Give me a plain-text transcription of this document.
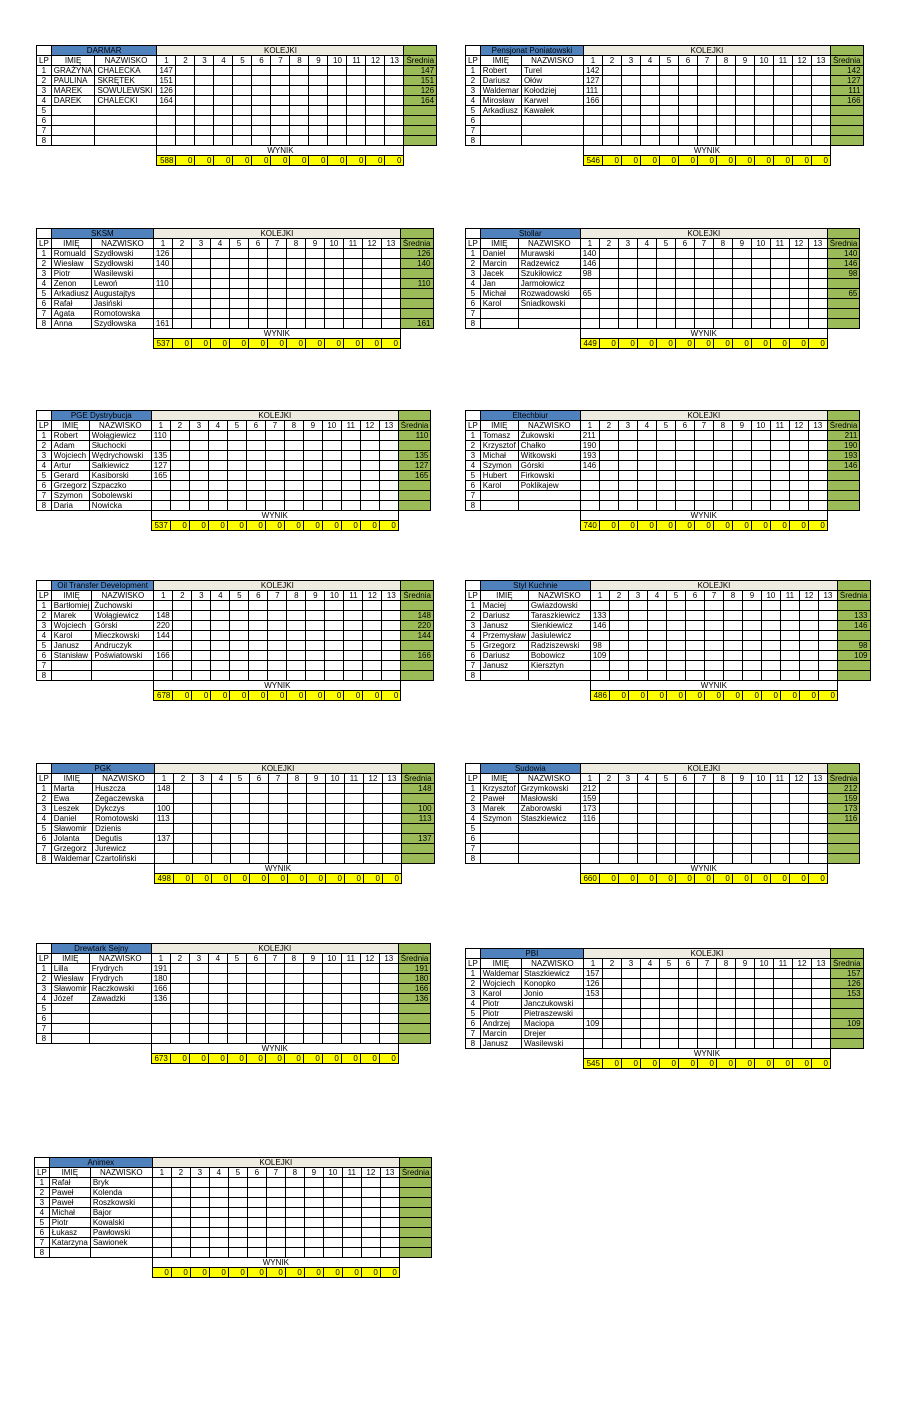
	DARMAR		KOLEJKI													
LP	IMIĘ	NAZWISKO	1	2	3	4	5	6	7	8	9	10	11	12	13	Średnia
1	GRAŻYNA	CHALECKA	147													147
2	PAULINA	SKRĘTEK	151													151
3	MAREK	SOWULEWSKI	126													126
4	DAREK	CHALECKI	164													164
5																
6																
7																
8																
			WYNIK													
			588	0	0	0	0	0	0	0	0	0	0	0	0	
	Pensjonat Poniatowski		KOLEJKI													
LP	IMIĘ	NAZWISKO	1	2	3	4	5	6	7	8	9	10	11	12	13	Średnia
1	Robert	Turel	142													142
2	Dariusz	Ołów	127													127
3	Waldemar	Kołodziej	111													111
4	Mirosław	Karwel	166													166
5	Arkadiusz	Kawałek														
6																
7																
8																
			WYNIK													
			546	0	0	0	0	0	0	0	0	0	0	0	0	
	SKSM		KOLEJKI													
LP	IMIĘ	NAZWISKO	1	2	3	4	5	6	7	8	9	10	11	12	13	Średnia
1	Romuald	Szydłowski	126													126
2	Wiesław	Szydłowski	140													140
3	Piotr	Wasilewski														
4	Zenon	Lewoń	110													110
5	Arkadiusz	Augustajtys														
6	Rafał	Jasiński														
7	Agata	Romotowska														
8	Anna	Szydłowska	161													161
			WYNIK													
			537	0	0	0	0	0	0	0	0	0	0	0	0	
	Stollar		KOLEJKI													
LP	IMIĘ	NAZWISKO	1	2	3	4	5	6	7	8	9	10	11	12	13	Średnia
1	Daniel	Murawski	140													140
2	Marcin	Radzewicz	146													146
3	Jacek	Szukiłowicz	98													98
4	Jan	Jarmołowicz														
5	Michał	Rozwadowski	65													65
6	Karol	Śniadkowski														
7																
8																
			WYNIK													
			449	0	0	0	0	0	0	0	0	0	0	0	0	
	PGE Dystrybucja		KOLEJKI													
LP	IMIĘ	NAZWISKO	1	2	3	4	5	6	7	8	9	10	11	12	13	Średnia
1	Robert	Wołągiewicz	110													110
2	Adam	Słuchocki														
3	Wojciech	Wędrychowski	135													135
4	Artur	Sałkiewicz	127													127
5	Gerard	Kasiborski	165													165
6	Grzegorz	Szpaczko														
7	Szymon	Sobolewski														
8	Daria	Nowicka														
			WYNIK													
			537	0	0	0	0	0	0	0	0	0	0	0	0	
	Eltechbiur		KOLEJKI													
LP	IMIĘ	NAZWISKO	1	2	3	4	5	6	7	8	9	10	11	12	13	Średnia
1	Tomasz	Żukowski	211													211
2	Krzysztof	Chałko	190													190
3	Michał	Witkowski	193													193
4	Szymon	Górski	146													146
5	Hubert	Firkowski														
6	Karol	Poklikajew														
7																
8																
			WYNIK													
			740	0	0	0	0	0	0	0	0	0	0	0	0	
	Oil Transfer Development		KOLEJKI													
LP	IMIĘ	NAZWISKO	1	2	3	4	5	6	7	8	9	10	11	12	13	Średnia
1	Bartłomiej	Żuchowski														
2	Marek	Wołągiewicz	148													148
3	Wojciech	Górski	220													220
4	Karol	Mieczkowski	144													144
5	Janusz	Andruczyk														
6	Stanisław	Poświatowski	166													166
7																
8																
			WYNIK													
			678	0	0	0	0	0	0	0	0	0	0	0	0	
	Styl Kuchnie		KOLEJKI													
LP	IMIĘ	NAZWISKO	1	2	3	4	5	6	7	8	9	10	11	12	13	Średnia
1	Maciej	Gwiazdowski														
2	Dariusz	Taraszkiewicz	133													133
3	Janusz	Sienkiewicz	146													146
4	Przemysław	Jasiulewicz														
5	Grzegorz	Radziszewski	98													98
6	Dariusz	Bobowicz	109													109
7	Janusz	Kiersztyn														
8																
			WYNIK													
			486	0	0	0	0	0	0	0	0	0	0	0	0	
	PGK		KOLEJKI													
LP	IMIĘ	NAZWISKO	1	2	3	4	5	6	7	8	9	10	11	12	13	Średnia
1	Marta	Huszcza	148													148
2	Ewa	Żegaczewska														
3	Leszek	Dykczys	100													100
4	Daniel	Romotowski	113													113
5	Sławomir	Dzienis														
6	Jolanta	Degutis	137													137
7	Grzegorz	Jurewicz														
8	Waldemar	Czartoliński														
			WYNIK													
			498	0	0	0	0	0	0	0	0	0	0	0	0	
	Sudowia		KOLEJKI													
LP	IMIĘ	NAZWISKO	1	2	3	4	5	6	7	8	9	10	11	12	13	Średnia
1	Krzysztof	Grzymkowski	212													212
2	Paweł	Masłowski	159													159
3	Marek	Zaborowski	173													173
4	Szymon	Staszkiewicz	116													116
5																
6																
7																
8																
			WYNIK													
			660	0	0	0	0	0	0	0	0	0	0	0	0	
	Drewtark Sejny		KOLEJKI													
LP	IMIĘ	NAZWISKO	1	2	3	4	5	6	7	8	9	10	11	12	13	Średnia
1	Lilla	Frydrych	191													191
2	Wiesław	Frydrych	180													180
3	Sławomir	Raczkowski	166													166
4	Józef	Zawadzki	136													136
5																
6																
7																
8																
			WYNIK													
			673	0	0	0	0	0	0	0	0	0	0	0	0	
	PBI		KOLEJKI													
LP	IMIĘ	NAZWISKO	1	2	3	4	5	6	7	8	9	10	11	12	13	Średnia
1	Waldemar	Staszkiewicz	157													157
2	Wojciech	Konopko	126													126
3	Karol	Jonio	153													153
4	Piotr	Janczukowski														
5	Piotr	Pietraszewski														
6	Andrzej	Maciopa	109													109
7	Marcin	Drejer														
8	Janusz	Wasilewski														
			WYNIK													
			545	0	0	0	0	0	0	0	0	0	0	0	0	
	Animex		KOLEJKI													
LP	IMIĘ	NAZWISKO	1	2	3	4	5	6	7	8	9	10	11	12	13	Średnia
1	Rafał	Bryk														
2	Paweł	Kolenda														
3	Paweł	Roszkowski														
4	Michał	Bajor														
5	Piotr	Kowalski														
6	Łukasz	Pawłowski														
7	Katarzyna	Sawionek														
8																
			WYNIK													
			0	0	0	0	0	0	0	0	0	0	0	0	0	
